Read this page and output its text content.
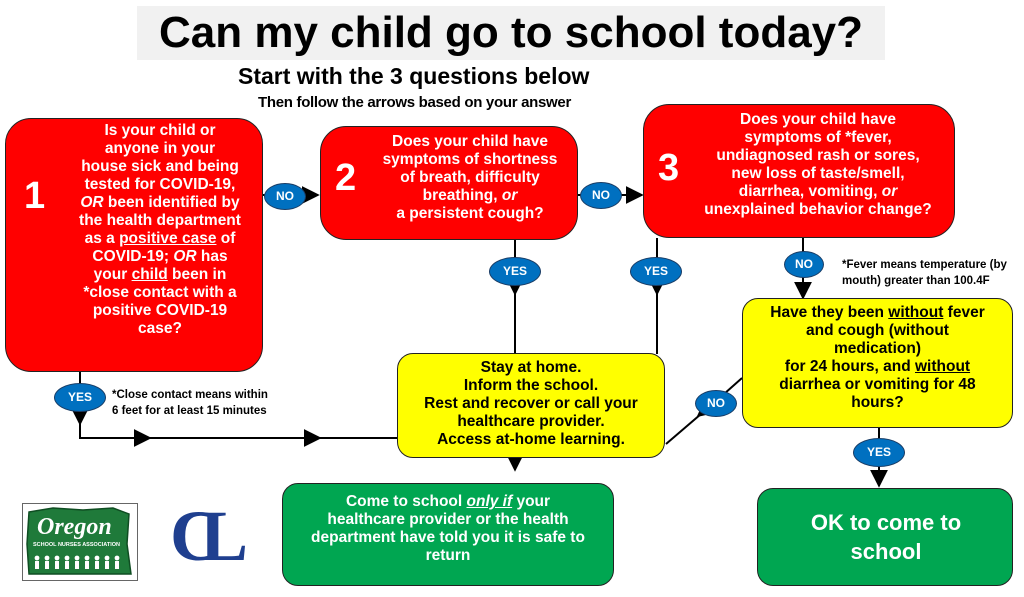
Can my child go to school today?
Start with the 3 questions below
Then follow the arrows based on your answer
1
Is your child or
anyone in your
house sick and being
tested for COVID-19,
OR been identified by
the health department
as a positive case of
COVID-19; OR has
your child been in
*close contact with a
positive COVID-19
case?
2
Does your child have
symptoms of shortness
of breath, difficulty
breathing, or
a persistent cough?
3
Does your child have
symptoms of *fever,
undiagnosed rash or sores,
new loss of taste/smell,
diarrhea, vomiting, or
unexplained behavior change?
Stay at home.
Inform the school.
Rest and recover or call your
healthcare provider.
Access at-home learning.
Have they been without fever
and cough (without
medication)
for 24 hours, and without
diarrhea or vomiting for 48
hours?
Come to school only if your
healthcare provider or the health
department have told you it is safe to
return
OK to come to
school
NO	NO
YES	YES	NO
YES	NO
YES
*Close contact means within
6 feet for at least 15 minutes
*Fever means temperature (by
mouth) greater than 100.4F
Oregon
SCHOOL NURSES ASSOCIATION CL
